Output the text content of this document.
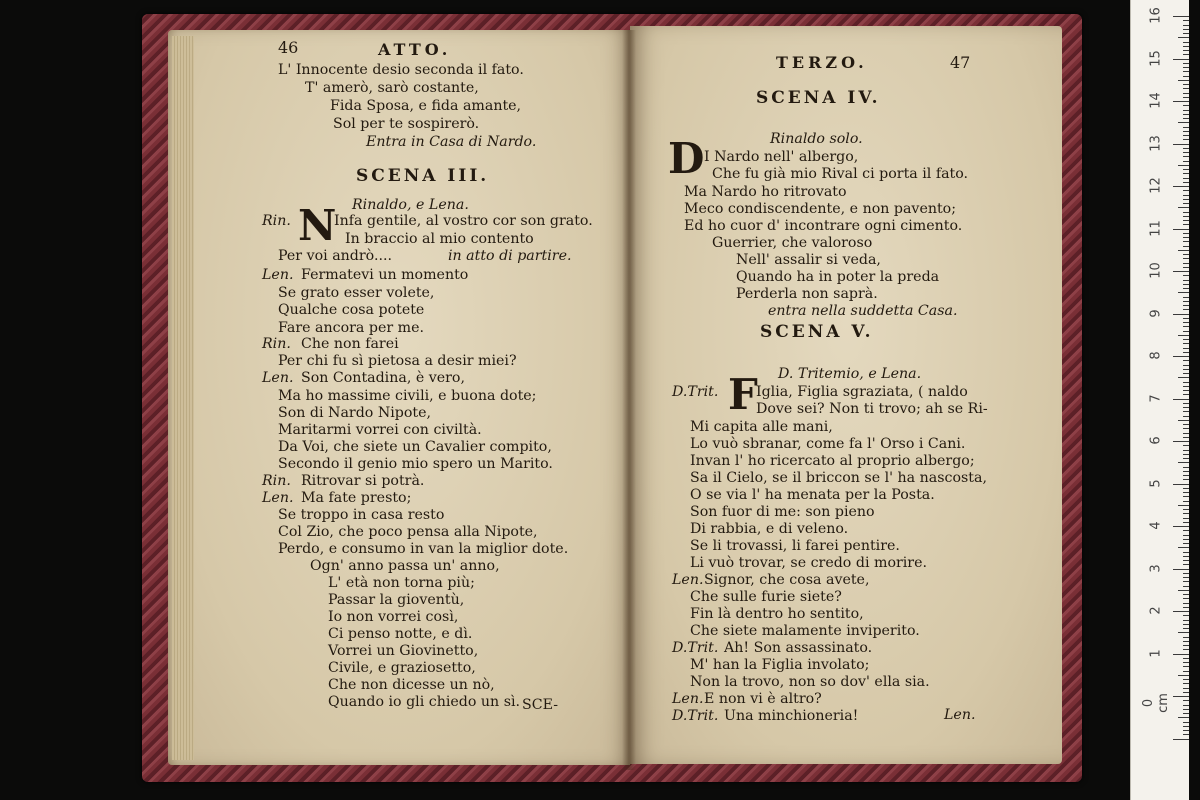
46	ATTO.
SCENA III.
N
SCE-
L' Innocente desio seconda il fato.
T' amerò, sarò costante,
Fida Sposa, e fida amante,
Sol per te sospirerò.
Entra in Casa di Nardo.
Rinaldo, e Lena.
Rin.	Infa gentile, al vostro cor son grato.
In braccio al mio contento
Per voi andrò....	in atto di partire.
Len. Fermatevi un momento
Se grato esser volete,
Qualche cosa potete
Fare ancora per me.
Rin. Che non farei
Per chi fu sì pietosa a desir miei?
Len. Son Contadina, è vero,
Ma ho massime civili, e buona dote;
Son di Nardo Nipote,
Maritarmi vorrei con civiltà.
Da Voi, che siete un Cavalier compito,
Secondo il genio mio spero un Marito.
Rin. Ritrovar si potrà.
Len. Ma fate presto;
Se troppo in casa resto
Col Zio, che poco pensa alla Nipote,
Perdo, e consumo in van la miglior dote.
Ogn' anno passa un' anno,
L' età non torna più;
Passar la gioventù,
Io non vorrei così,
Ci penso notte, e dì.
Vorrei un Giovinetto,
Civile, e graziosetto,
Che non dicesse un nò,
Quando io gli chiedo un sì.
TERZO.	47
SCENA IV.
D
SCENA V.
F
Len.
Rinaldo solo.
I Nardo nell' albergo,
Che fu già mio Rival ci porta il fato.
Ma Nardo ho ritrovato
Meco condiscendente, e non pavento;
Ed ho cuor d' incontrare ogni cimento.
Guerrier, che valoroso
Nell' assalir si veda,
Quando ha in poter la preda
Perderla non saprà.
entra nella suddetta Casa.
D. Tritemio, e Lena.
D.Trit.	Iglia, Figlia sgraziata, ( naldo
Dove sei? Non ti trovo; ah se Ri-
Mi capita alle mani,
Lo vuò sbranar, come fa l' Orso i Cani.
Invan l' ho ricercato al proprio albergo;
Sa il Cielo, se il briccon se l' ha nascosta,
O se via l' ha menata per la Posta.
Son fuor di me: son pieno
Di rabbia, e di veleno.
Se li trovassi, li farei pentire.
Li vuò trovar, se credo di morire.
Len. Signor, che cosa avete,
Che sulle furie siete?
Fin là dentro ho sentito,
Che siete malamente inviperito.
D.Trit. Ah! Son assassinato.
M' han la Figlia involato;
Non la trovo, non so dov' ella sia.
Len. E non vi è altro?
D.Trit. Una minchioneria!
16
15
14
13
12
11
10
9
8
7
6
5
4
3
2
1
0 cm
